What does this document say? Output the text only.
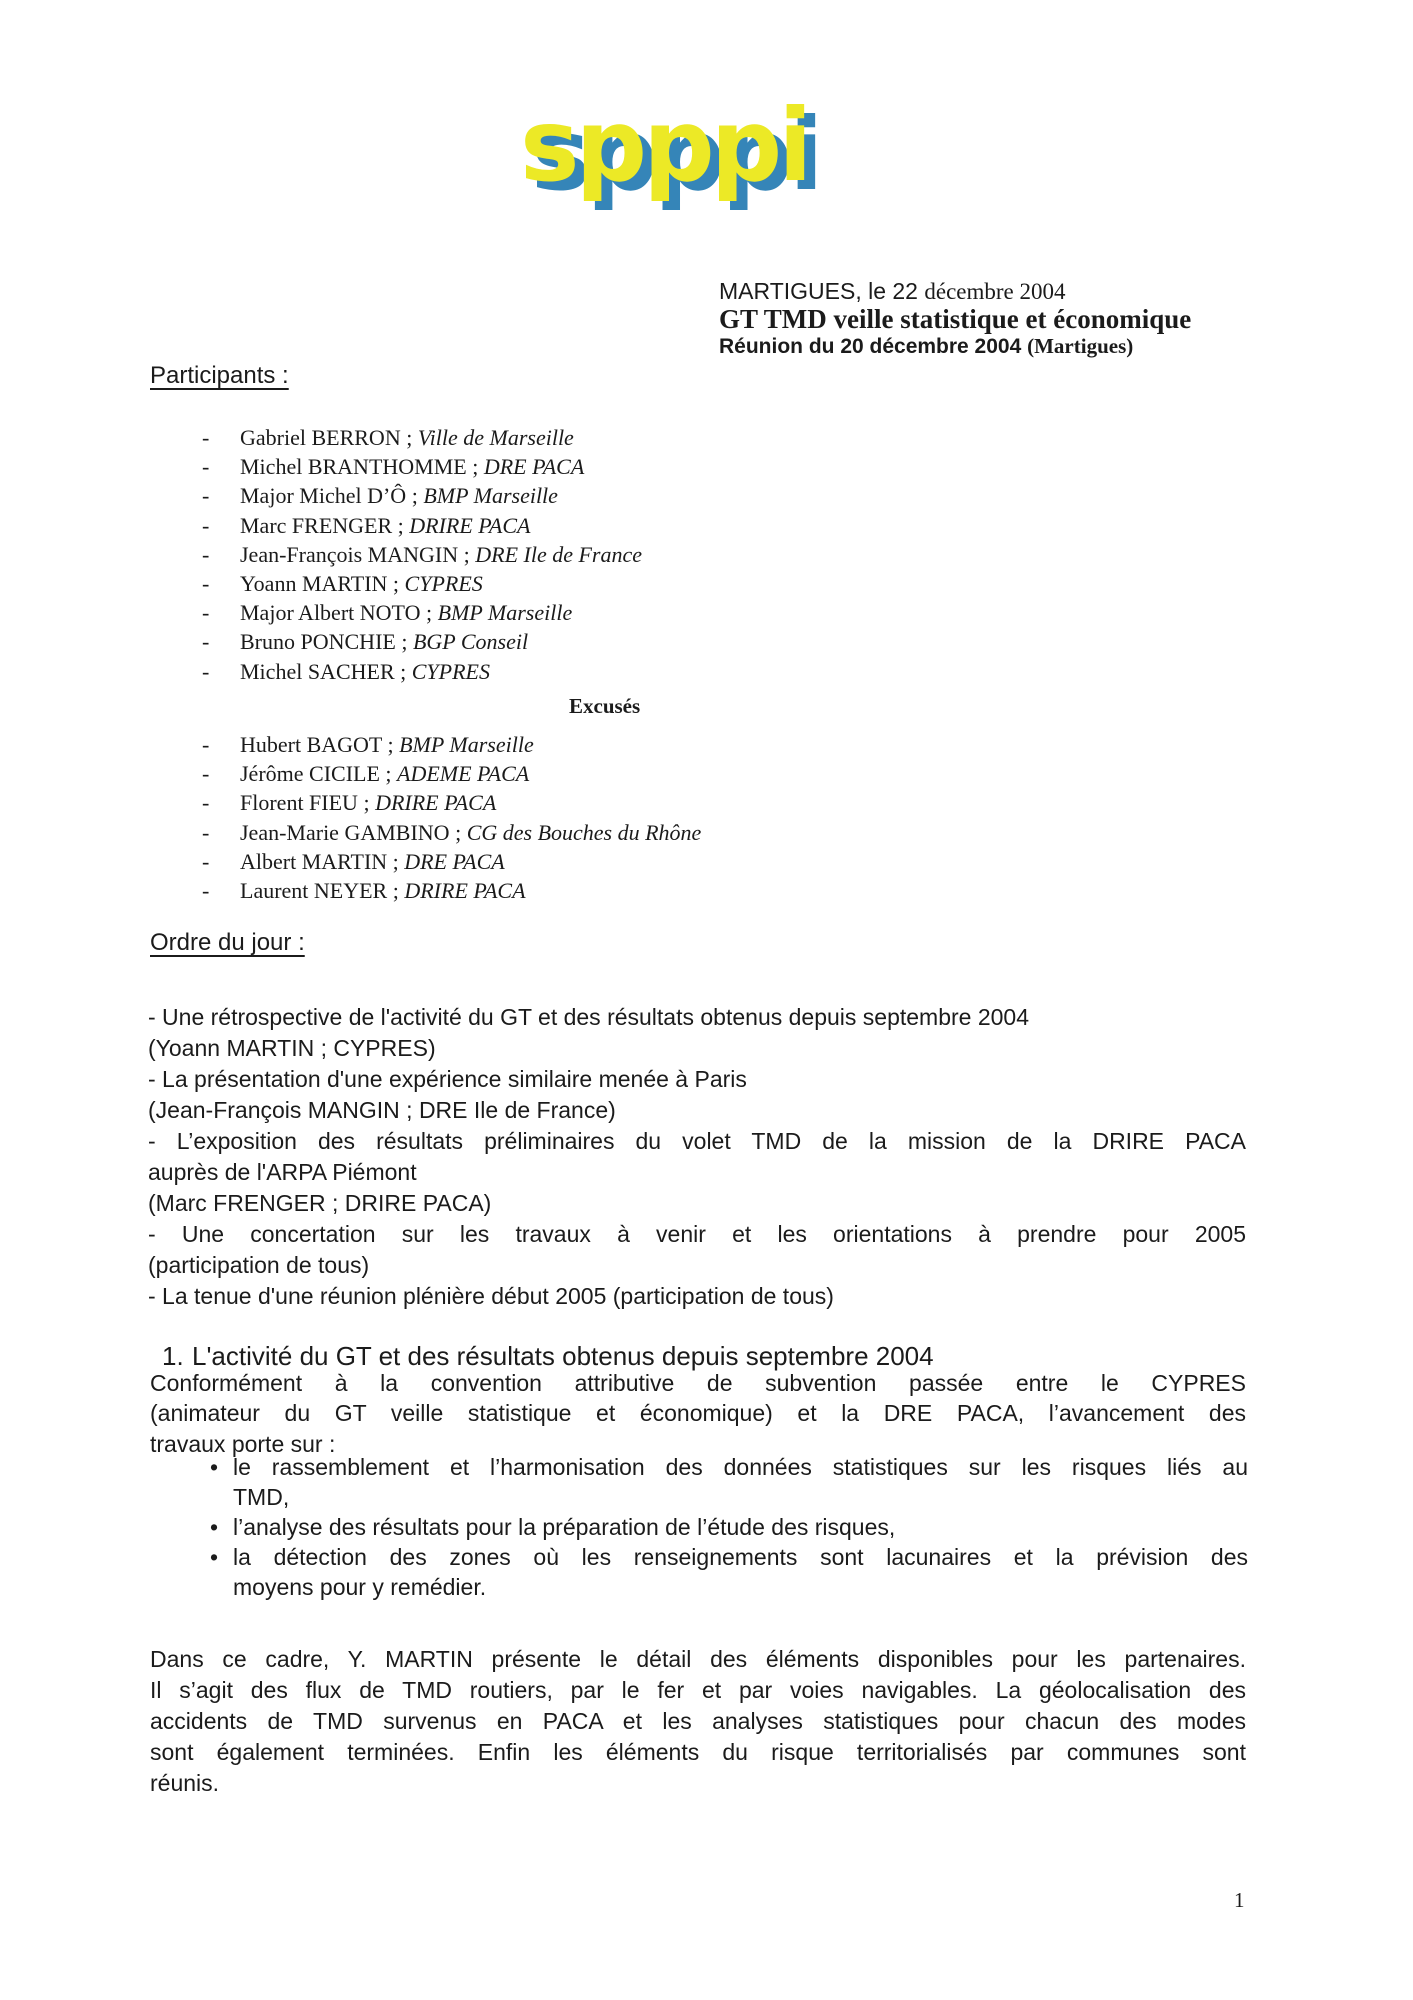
spppi
MARTIGUES, le 22 décembre 2004
GT TMD veille statistique et économique
Réunion du 20 décembre 2004 (Martigues)
Participants :
-	Gabriel BERRON ; Ville de Marseille
-	Michel BRANTHOMME ; DRE PACA
-	Major Michel D’Ô ; BMP Marseille
-	Marc FRENGER ; DRIRE PACA
-	Jean-François MANGIN ; DRE Ile de France
-	Yoann MARTIN ; CYPRES
-	Major Albert NOTO ; BMP Marseille
-	Bruno PONCHIE ; BGP Conseil
-	Michel SACHER ; CYPRES
Excusés
-	Hubert BAGOT ; BMP Marseille
-	Jérôme CICILE ; ADEME PACA
-	Florent FIEU ; DRIRE PACA
-	Jean-Marie GAMBINO ; CG des Bouches du Rhône
-	Albert MARTIN ; DRE PACA
-	Laurent NEYER ; DRIRE PACA
Ordre du jour :
- Une rétrospective de l'activité du GT et des résultats obtenus depuis septembre 2004
(Yoann MARTIN ; CYPRES)
- La présentation d'une expérience similaire menée à Paris
(Jean-François MANGIN ; DRE Ile de France)
- L’exposition des résultats préliminaires du volet TMD de la mission de la DRIRE PACA
auprès de l'ARPA Piémont
(Marc FRENGER ; DRIRE PACA)
- Une concertation sur les travaux à venir et les orientations à prendre pour 2005
(participation de tous)
- La tenue d'une réunion plénière début 2005 (participation de tous)
1. L'activité du GT et des résultats obtenus depuis septembre 2004
Conformément à la convention attributive de subvention passée entre le CYPRES
(animateur du GT veille statistique et économique) et la DRE PACA, l’avancement des
travaux porte sur :
• le rassemblement et l’harmonisation des données statistiques sur les risques liés au
TMD,
• l’analyse des résultats pour la préparation de l’étude des risques,
• la détection des zones où les renseignements sont lacunaires et la prévision des
moyens pour y remédier.
Dans ce cadre, Y. MARTIN présente le détail des éléments disponibles pour les partenaires.
Il s’agit des flux de TMD routiers, par le fer et par voies navigables. La géolocalisation des
accidents de TMD survenus en PACA et les analyses statistiques pour chacun des modes
sont également terminées. Enfin les éléments du risque territorialisés par communes sont
réunis.
1
